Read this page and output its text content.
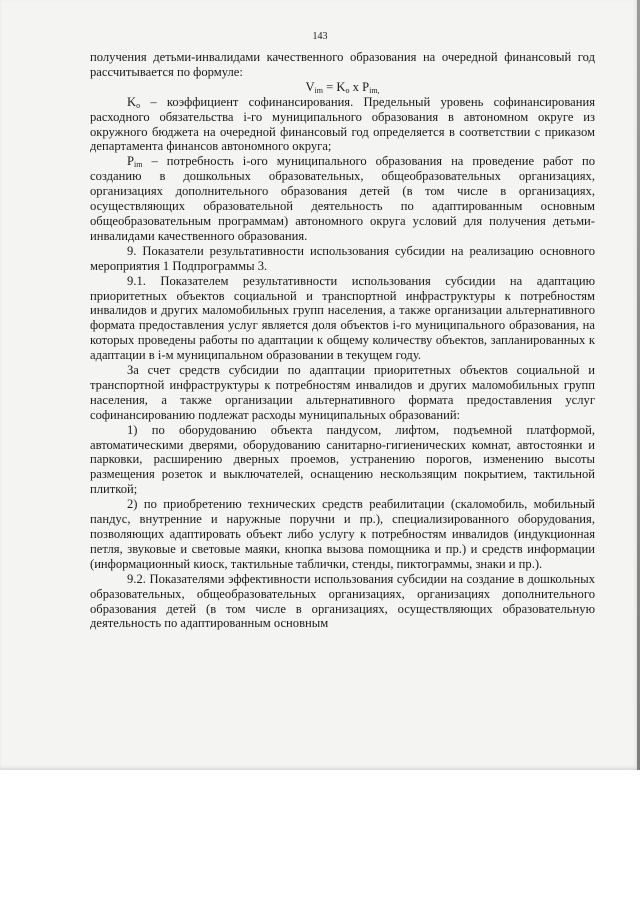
143

получения детьми-инвалидами качественного образования на очередной финансовый год рассчитывается по формуле:

$V_{im} = K_o$ x $P_{im,}$

$K_o$ – коэффициент софинансирования. Предельный уровень софинансирования расходного обязательства i-го муниципального образования в автономном округе из окружного бюджета на очередной финансовый год определяется в соответствии с приказом департамента финансов автономного округа;

$P_{im}$ – потребность i-ого муниципального образования на проведение работ по созданию в дошкольных образовательных, общеобразовательных организациях, организациях дополнительного образования детей (в том числе в организациях, осуществляющих образовательной деятельность по адаптированным основным общеобразовательным программам) автономного округа условий для получения детьми-инвалидами качественного образования.

9. Показатели результативности использования субсидии на реализацию основного мероприятия 1 Подпрограммы 3.

9.1. Показателем результативности использования субсидии на адаптацию приоритетных объектов социальной и транспортной инфраструктуры к потребностям инвалидов и других маломобильных групп населения, а также организации альтернативного формата предоставления услуг является доля объектов i-го муниципального образования, на которых проведены работы по адаптации к общему количеству объектов, запланированных к адаптации в i-м муниципальном образовании в текущем году.

За счет средств субсидии по адаптации приоритетных объектов социальной и транспортной инфраструктуры к потребностям инвалидов и других маломобильных групп населения, а также организации альтернативного формата предоставления услуг софинансированию подлежат расходы муниципальных образований:

1) по оборудованию объекта пандусом, лифтом, подъемной платформой, автоматическими дверями, оборудованию санитарно-гигиенических комнат, автостоянки и парковки, расширению дверных проемов, устранению порогов, изменению высоты размещения розеток и выключателей, оснащению нескользящим покрытием, тактильной плиткой;

2) по приобретению технических средств реабилитации (скаломобиль, мобильный пандус, внутренние и наружные поручни и пр.), специализированного оборудования, позволяющих адаптировать объект либо услугу к потребностям инвалидов (индукционная петля, звуковые и световые маяки, кнопка вызова помощника и пр.) и средств информации (информационный киоск, тактильные таблички, стенды, пиктограммы, знаки и пр.).

9.2. Показателями эффективности использования субсидии на создание в дошкольных образовательных, общеобразовательных организациях, организациях дополнительного образования детей (в том числе в организациях, осуществляющих образовательную деятельность по адаптированным основным
